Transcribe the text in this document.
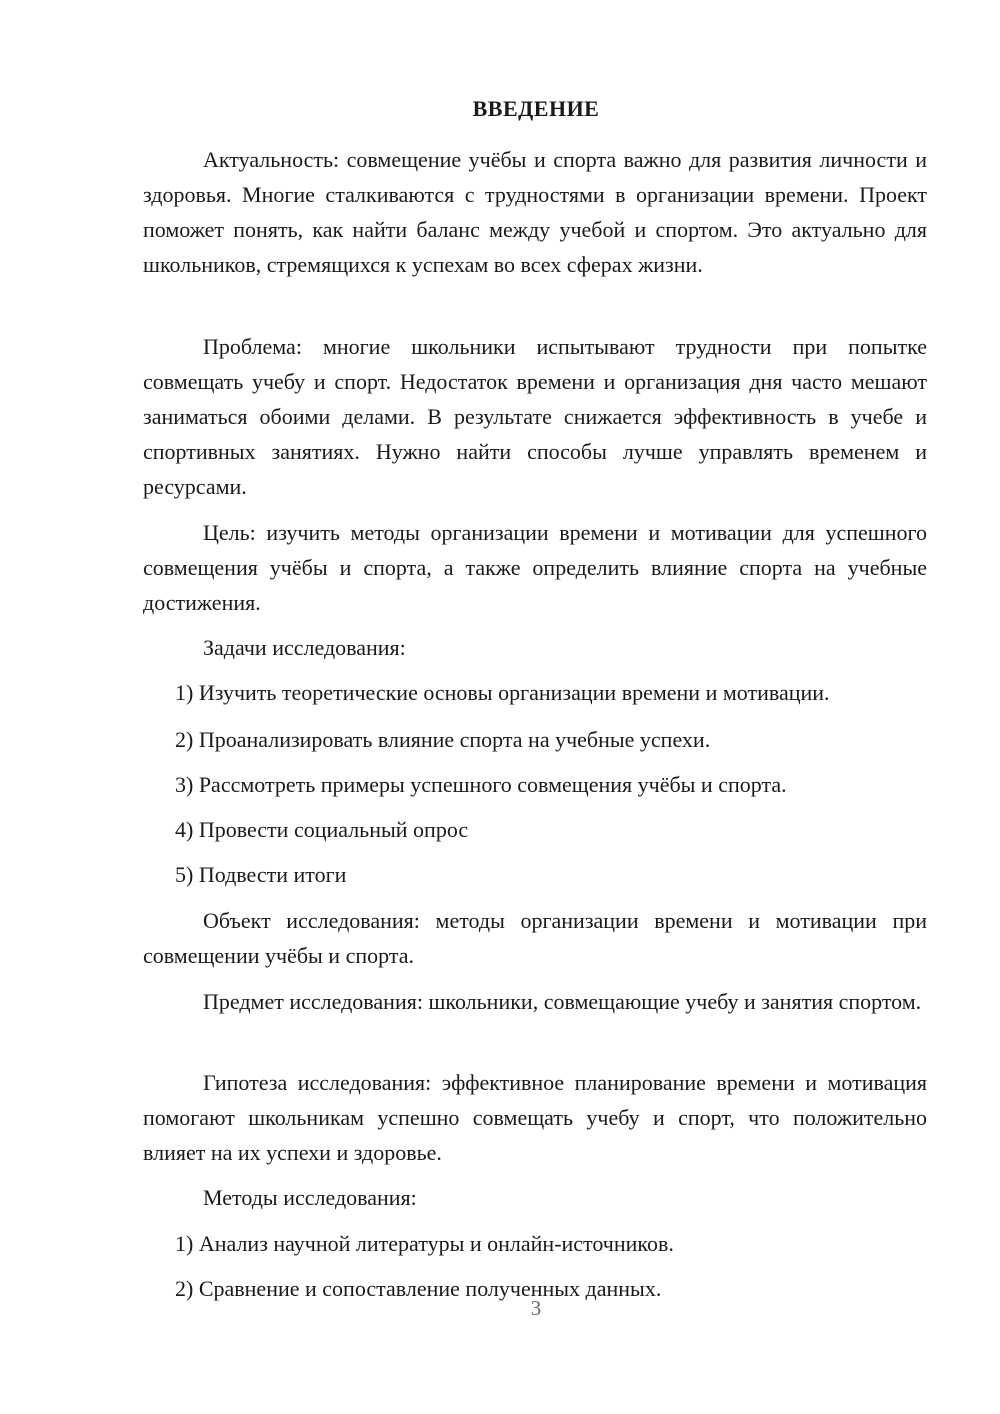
ВВЕДЕНИЕ

Актуальность: совмещение учёбы и спорта важно для развития личности и здоровья. Многие сталкиваются с трудностями в организации времени. Проект поможет понять, как найти баланс между учебой и спортом. Это актуально для школьников, стремящихся к успехам во всех сферах жизни.

Проблема: многие школьники испытывают трудности при попытке совмещать учебу и спорт. Недостаток времени и организация дня часто мешают заниматься обоими делами. В результате снижается эффективность в учебе и спортивных занятиях. Нужно найти способы лучше управлять временем и ресурсами.

Цель: изучить методы организации времени и мотивации для успешного совмещения учёбы и спорта, а также определить влияние спорта на учебные достижения.

Задачи исследования:

1) Изучить теоретические основы организации времени и мотивации.

2) Проанализировать влияние спорта на учебные успехи.

3) Рассмотреть примеры успешного совмещения учёбы и спорта.

4) Провести социальный опрос

5) Подвести итоги

Объект исследования: методы организации времени и мотивации при совмещении учёбы и спорта.

Предмет исследования: школьники, совмещающие учебу и занятия спортом.

Гипотеза исследования: эффективное планирование времени и мотивация помогают школьникам успешно совмещать учебу и спорт, что положительно влияет на их успехи и здоровье.

Методы исследования:

1) Анализ научной литературы и онлайн-источников.

2) Сравнение и сопоставление полученных данных.

3
